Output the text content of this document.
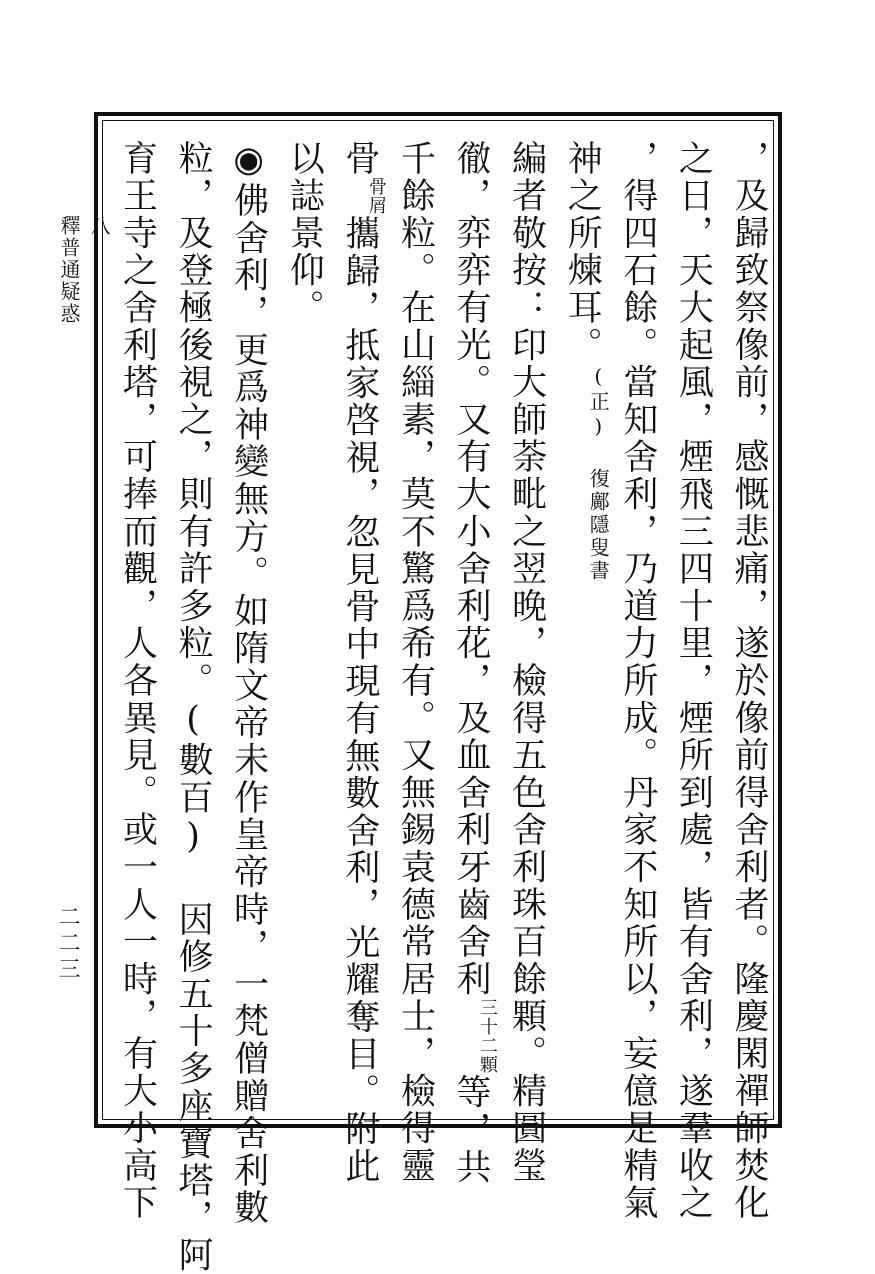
八
釋普通疑惑
二二三	，及歸致祭像前，感慨悲痛，遂於像前得舍利者。隆慶閑禪師焚化
之日，天大起風，煙飛三四十里，煙所到處，皆有舍利，遂羣收之
，得四石餘。當知舍利，乃道力所成。丹家不知所以，妄億是精氣
神之所煉耳。(正) 復鄺隱叟書
編者敬按：印大師荼毗之翌晚，檢得五色舍利珠百餘顆。精圓瑩
徹，弈弈有光。又有大小舍利花，及血舍利牙齒舍利三十二顆等，共
千餘粒。在山緇素，莫不驚爲希有。又無錫袁德常居士，檢得靈
骨骨屑攜歸，抵家啓視，忽見骨中現有無數舍利，光耀奪目。附此
以誌景仰。
◉佛舍利，更爲神變無方。如隋文帝未作皇帝時，一梵僧贈舍利數
粒，及登極後視之，則有許多粒。(數百) 因修五十多座寶塔，阿
育王寺之舍利塔，可捧而觀，人各異見。或一人一時，有大小高下
